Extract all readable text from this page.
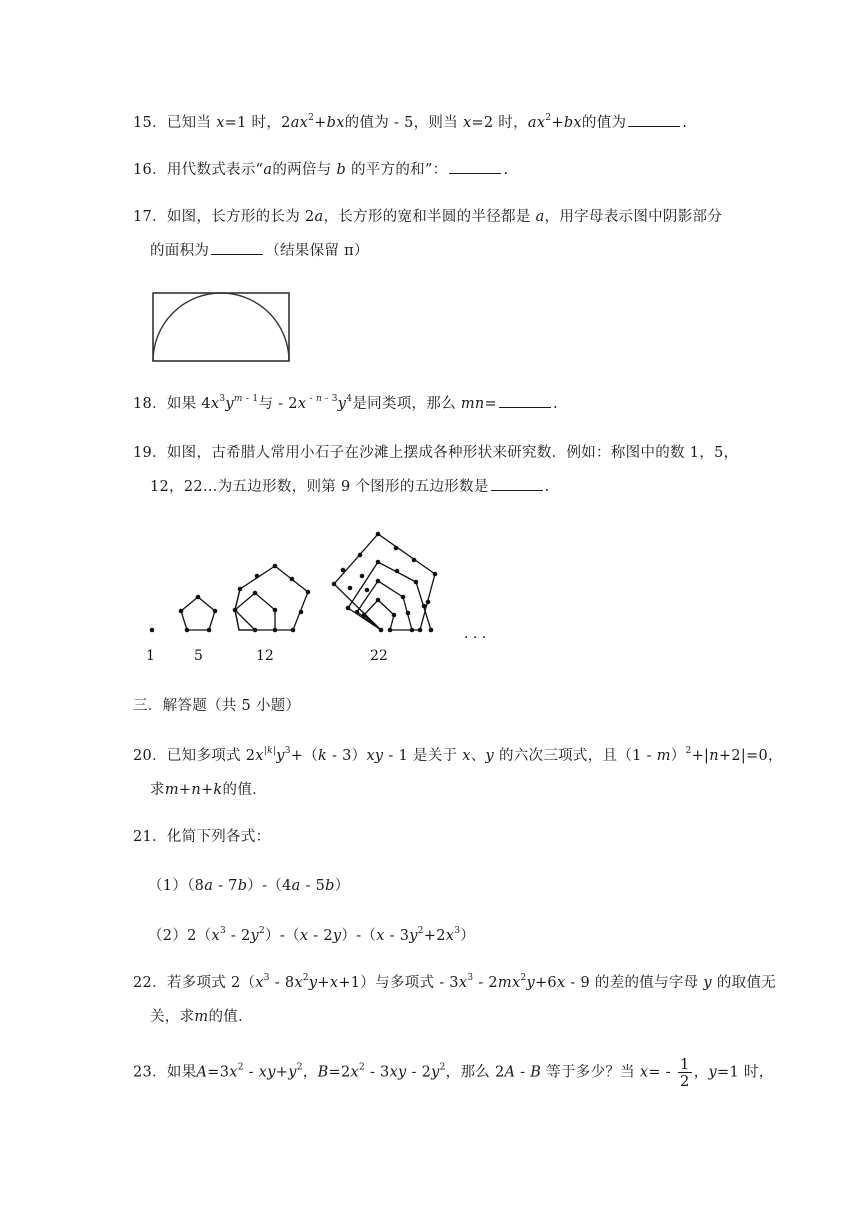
15．已知当 x=1 时，$2ax^2+bx$的值为 - 5，则当 x=2 时，$ax^2+bx$的值为	.
16．用代数式表示“a的两倍与 b 的平方的和”：	.
17．如图，长方形的长为 2a，长方形的宽和半圆的半径都是 a，用字母表示图中阴影部分
的面积为	（结果保留 π）
18．如果 $4x^3y^{m - 1}$与 - 2x $^{- n - 3}y^4$是同类项，那么 mn=	.
19．如图，古希腊人常用小石子在沙滩上摆成各种形状来研究数．例如：称图中的数 1，5，
12，22…为五边形数，则第 9 个图形的五边形数是	.
1	5	12	22
· · ·
三．解答题（共 5 小题）
20．已知多项式 $2x^{|k|}y^3+(k - 3)xy - 1$ 是关于 x、y 的六次三项式，且（1 - m）$^2$+|n+2|=0，
求m+n+k的值．
21．化简下列各式：
（1）（8a - 7b）-（4a - 5b）
$(2)2(x^3 - 2y^2)-(x - 2y)-(x - 3y^2+2x^3)$
22．若多项式 $2(x^3 - 8x^2y+x+1)$与多项式 - $3x^3 - 2mx^2y+6x - 9$ 的差的值与字母 y 的取值无
关，求m的值．
23．如果$A=3x^2 - xy+y^2$，$B=2x^2 - 3xy - 2y^2$，那么 2A - B 等于多少？当 $x= - \frac{1}{2}$ ，y=1 时，
